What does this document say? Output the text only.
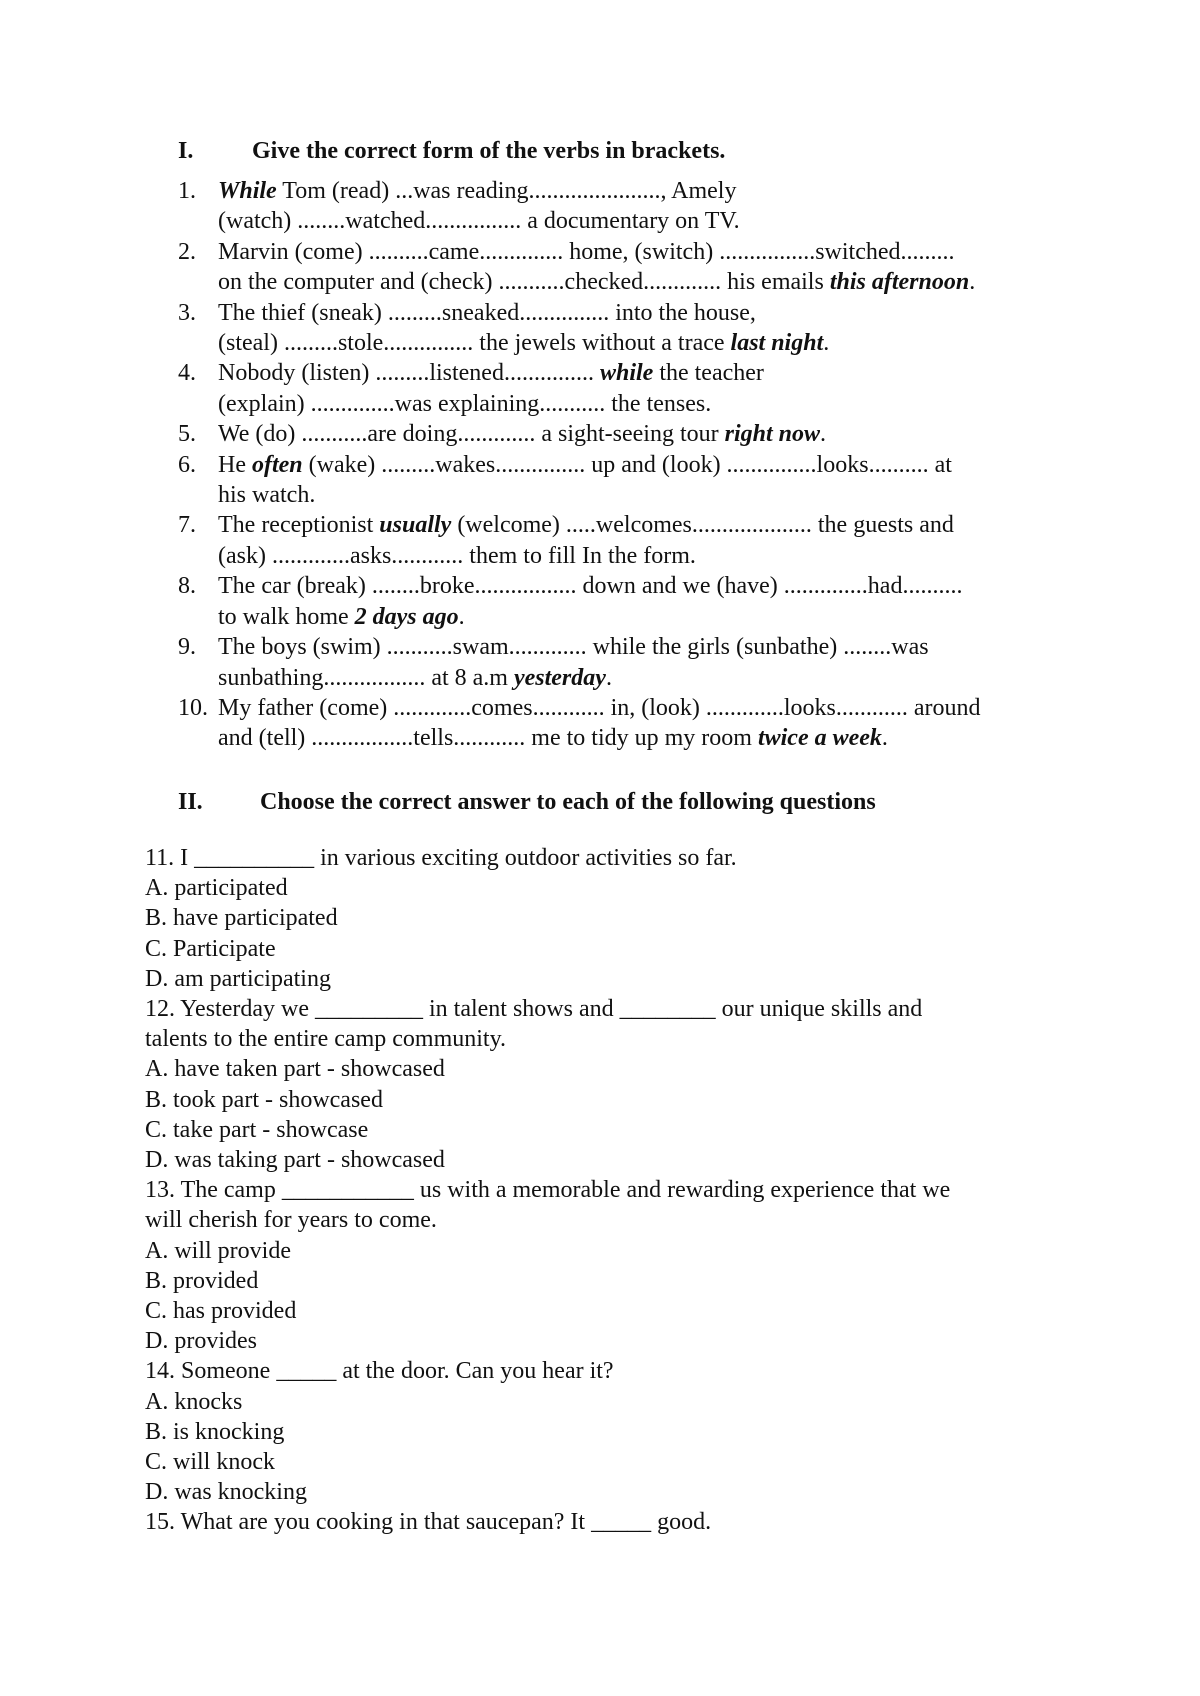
I. Give the correct form of the verbs in brackets.
1. While Tom (read) ...was reading......................, Amely
(watch) ........watched................ a documentary on TV.
2. Marvin (come) ..........came.............. home, (switch) ................switched.........
on the computer and (check) ...........checked............. his emails this afternoon.
3. The thief (sneak) .........sneaked............... into the house,
(steal) .........stole............... the jewels without a trace last night.
4. Nobody (listen) .........listened............... while the teacher
(explain) ..............was explaining........... the tenses.
5. We (do) ...........are doing............. a sight-seeing tour right now.
6. He often (wake) .........wakes............... up and (look) ...............looks.......... at
his watch.
7. The receptionist usually (welcome) .....welcomes.................... the guests and
(ask) .............asks............ them to fill In the form.
8. The car (break) ........broke................. down and we (have) ..............had..........
to walk home 2 days ago.
9. The boys (swim) ...........swam............. while the girls (sunbathe) ........was
sunbathing................. at 8 a.m yesterday.
10. My father (come) .............comes............ in, (look) .............looks............ around
and (tell) .................tells............ me to tidy up my room twice a week.
II. Choose the correct answer to each of the following questions
11. I __________ in various exciting outdoor activities so far.
A. participated
B. have participated
C. Participate
D. am participating
12. Yesterday we _________ in talent shows and ________ our unique skills and
talents to the entire camp community.
A. have taken part - showcased
B. took part - showcased
C. take part - showcase
D. was taking part - showcased
13. The camp ___________ us with a memorable and rewarding experience that we
will cherish for years to come.
A. will provide
B. provided
C. has provided
D. provides
14. Someone _____ at the door. Can you hear it?
A. knocks
B. is knocking
C. will knock
D. was knocking
15. What are you cooking in that saucepan? It _____ good.
